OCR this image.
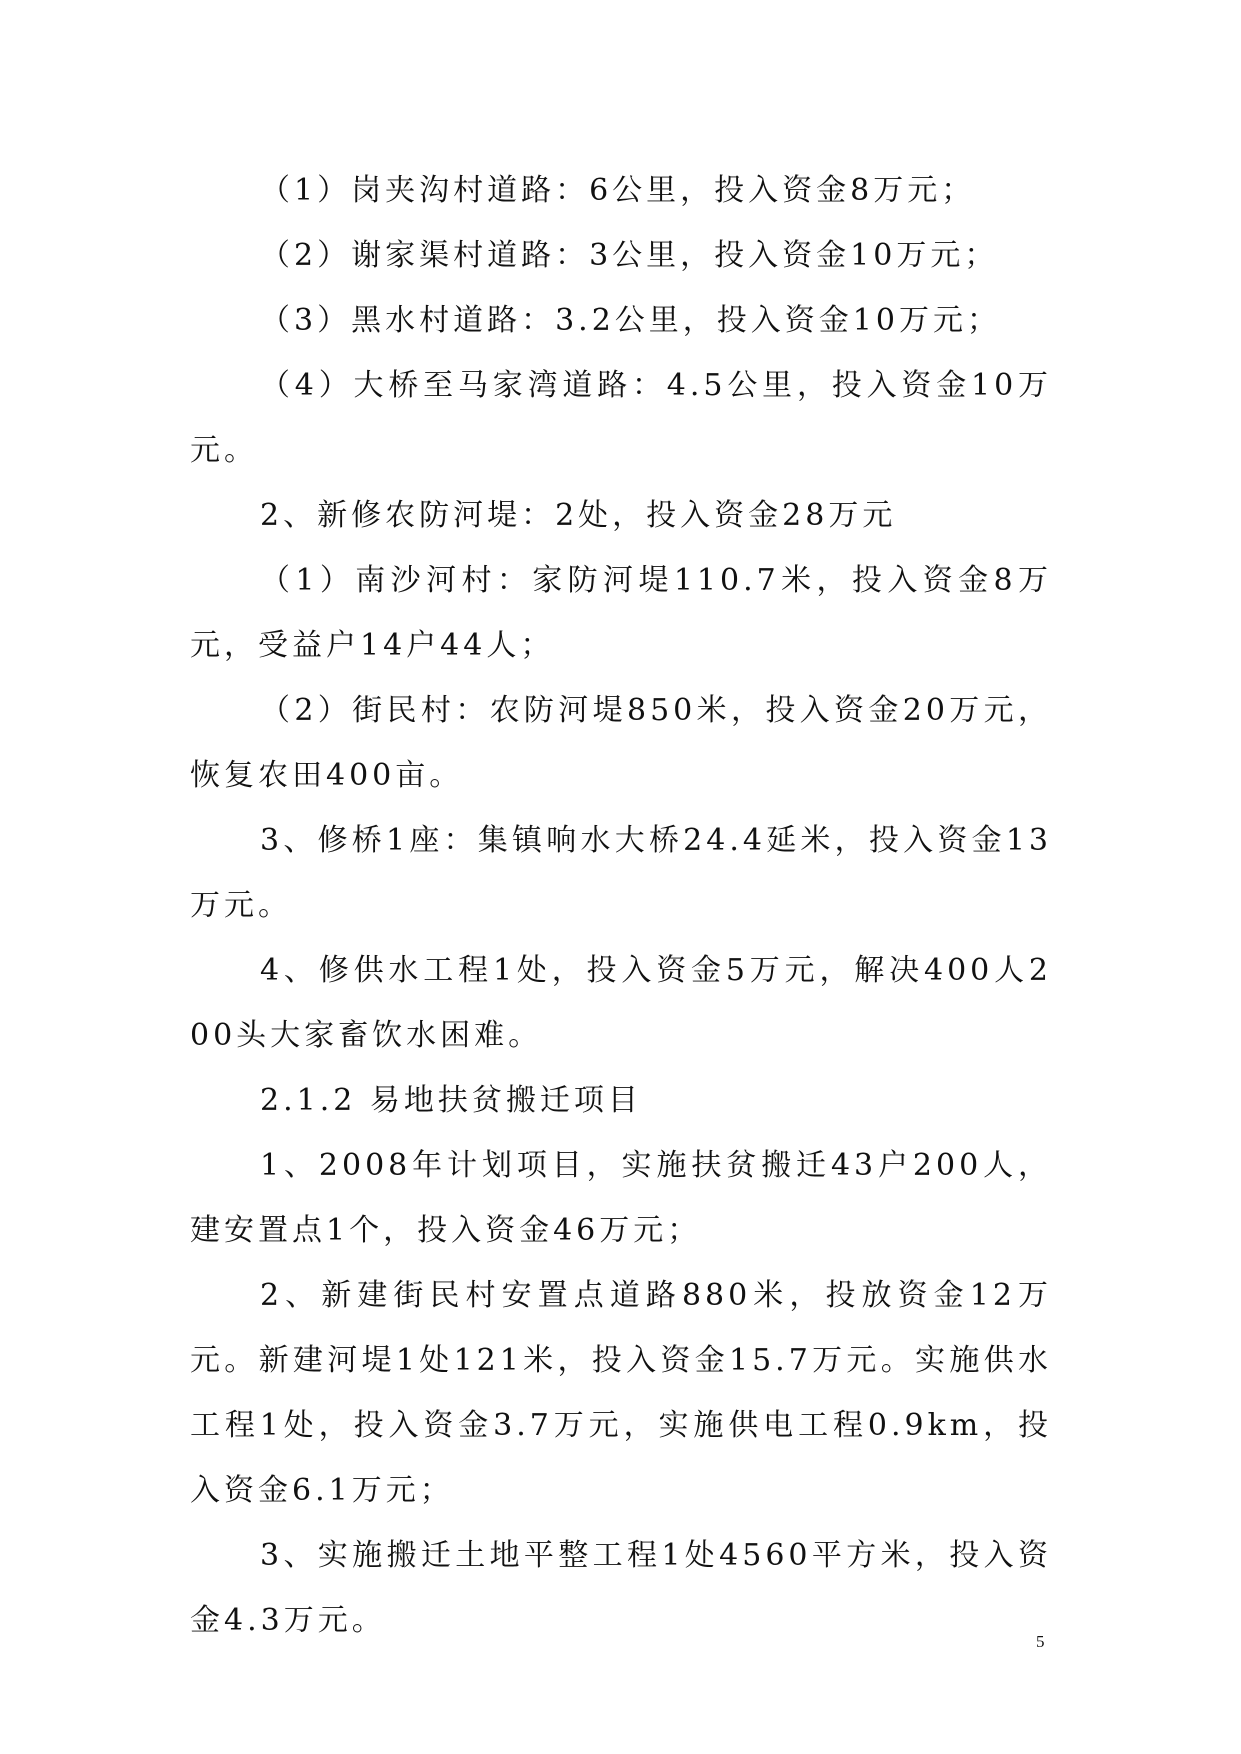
（1）岗夹沟村道路：6公里，投入资金8万元；

（2）谢家渠村道路：3公里，投入资金10万元；

（3）黑水村道路：3.2公里，投入资金10万元；

（4）大桥至马家湾道路：4.5公里，投入资金10万元。

2、新修农防河堤：2处，投入资金28万元

（1）南沙河村：家防河堤110.7米，投入资金8万元，受益户14户44人；

（2）街民村：农防河堤850米，投入资金20万元，恢复农田400亩。

3、修桥1座：集镇响水大桥24.4延米，投入资金13万元。

4、修供水工程1处，投入资金5万元，解决400人200头大家畜饮水困难。

2.1.2 易地扶贫搬迁项目

1、2008年计划项目，实施扶贫搬迁43户200人，建安置点1个，投入资金46万元；

2、新建街民村安置点道路880米，投放资金12万元。新建河堤1处121米，投入资金15.7万元。实施供水工程1处，投入资金3.7万元，实施供电工程0.9km，投入资金6.1万元；

3、实施搬迁土地平整工程1处4560平方米，投入资金4.3万元。

5
